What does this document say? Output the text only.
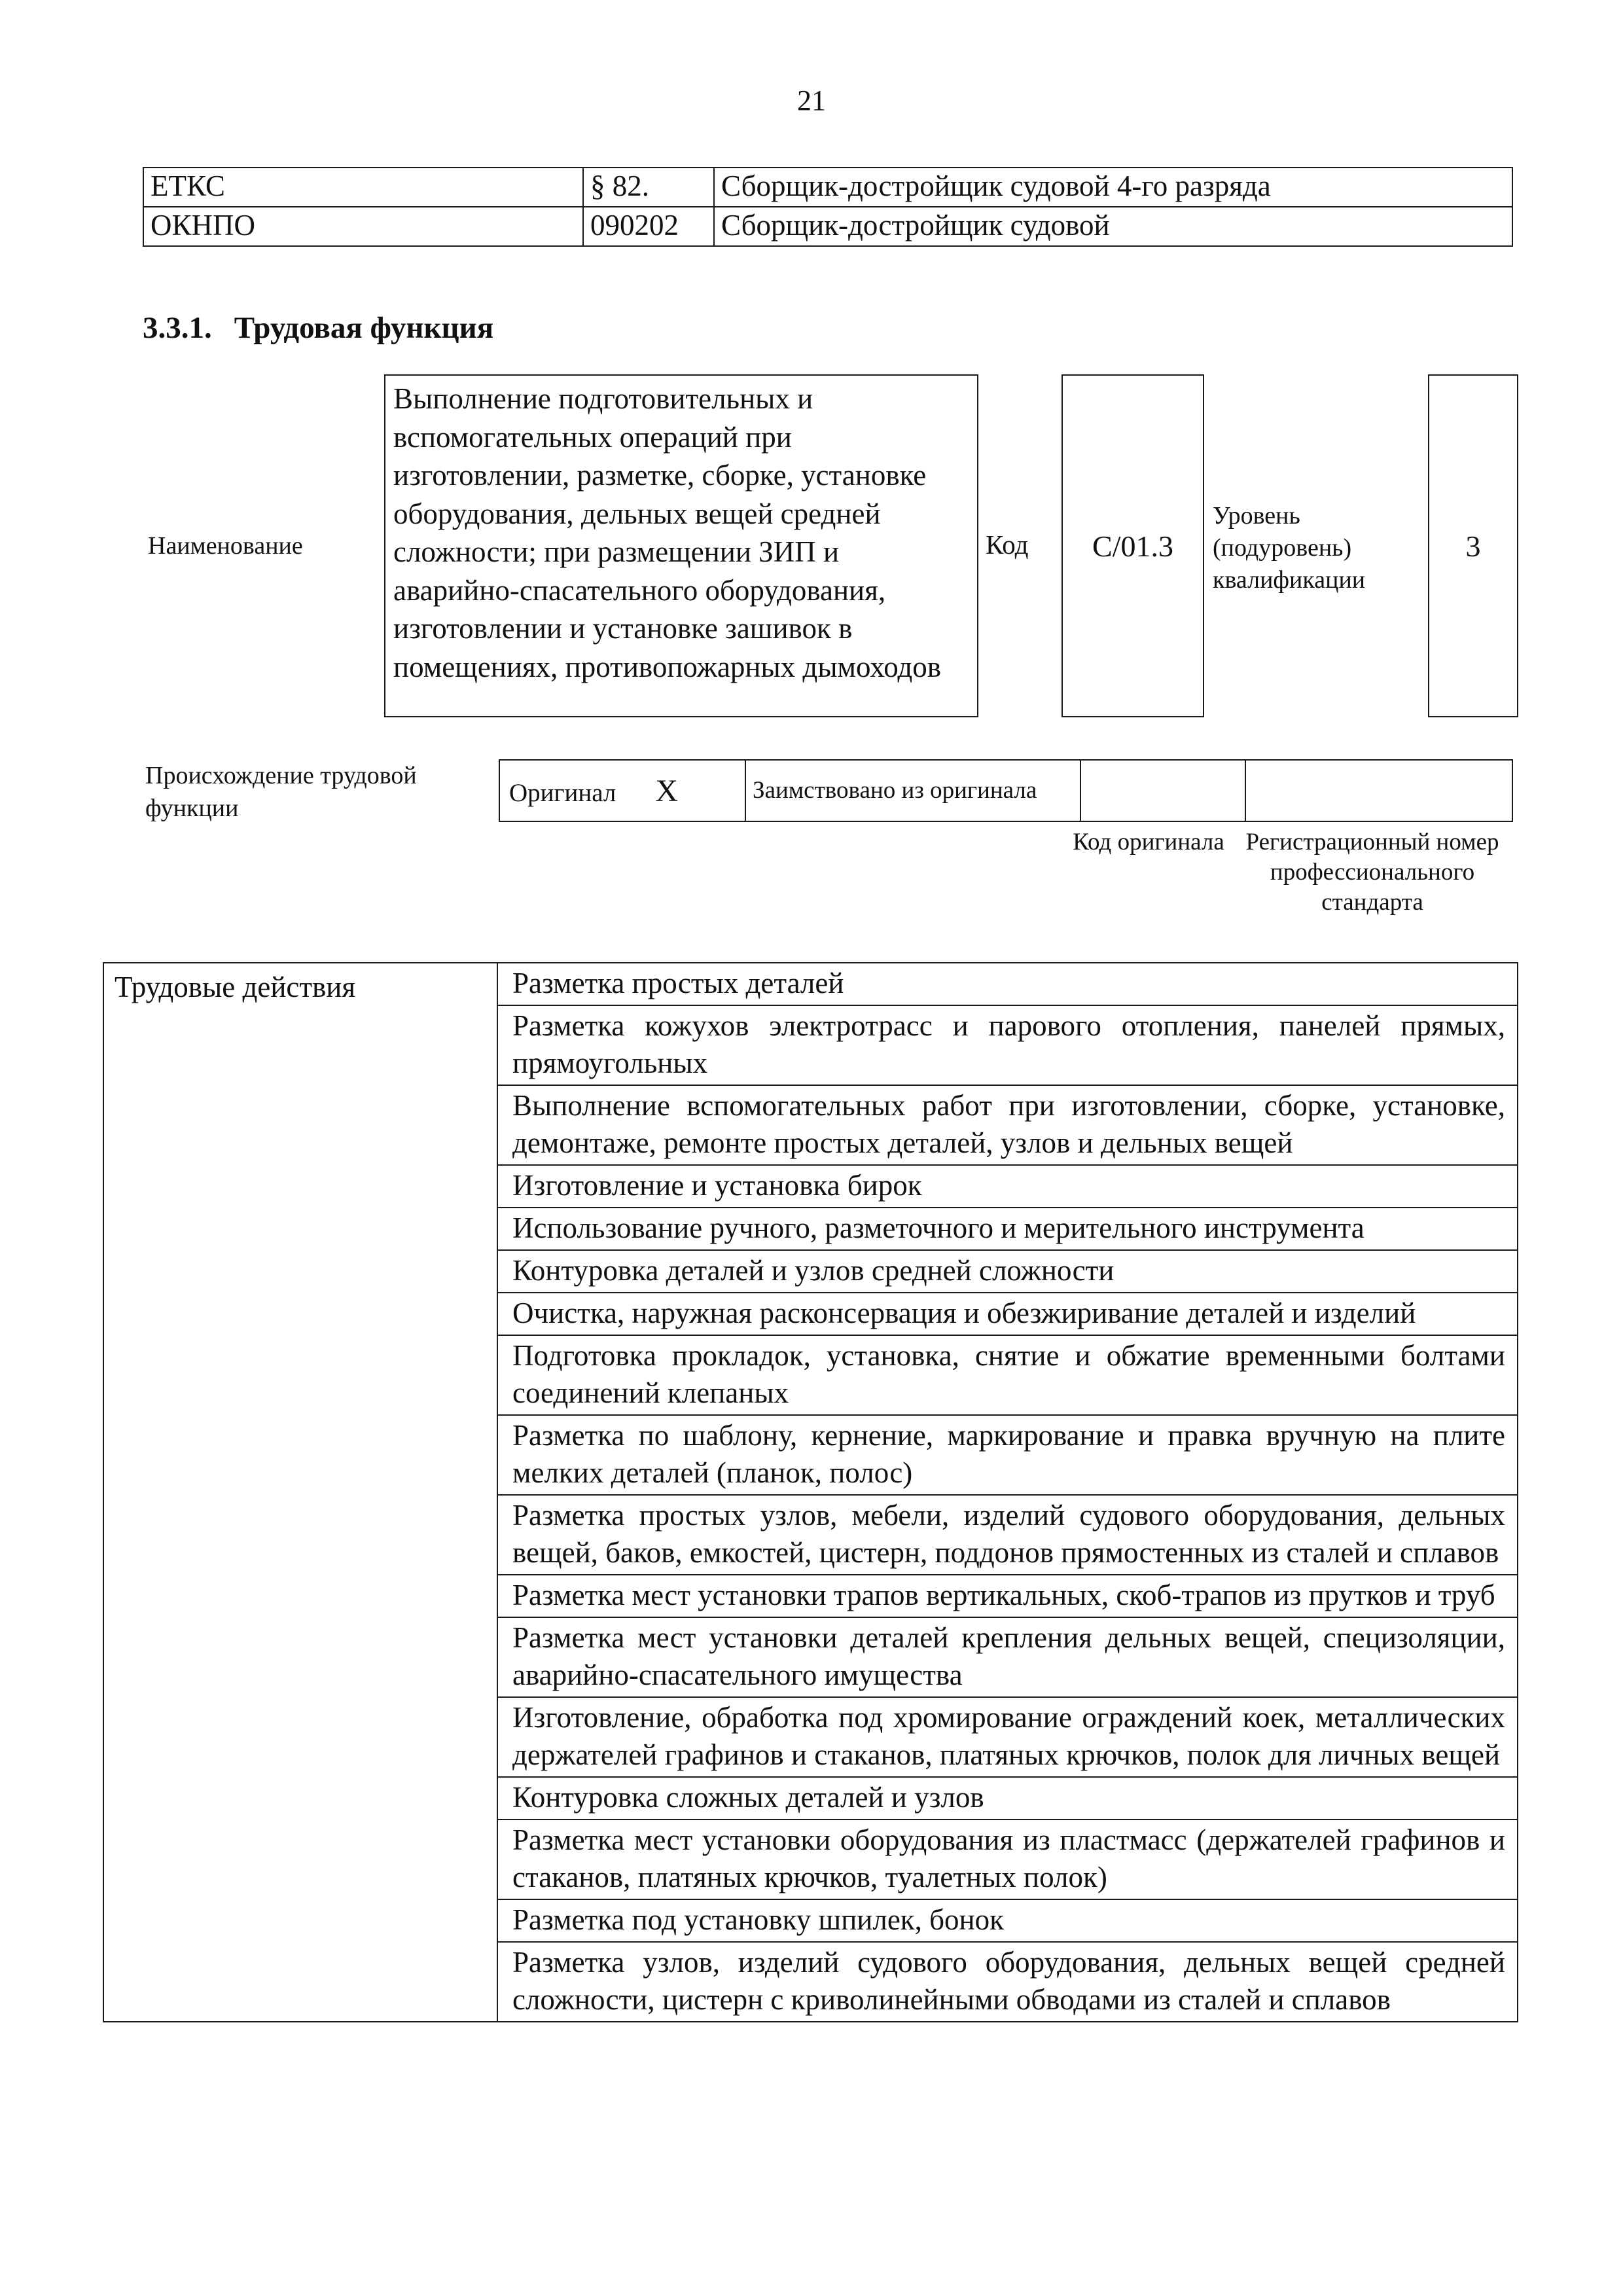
21
ЕТКС	§ 82.	Сборщик-достройщик судовой 4-го разряда
ОКНПО	090202	Сборщик-достройщик судовой
3.3.1. Трудовая функция
Наименование
Выполнение подготовительных и вспомогательных операций при изготовлении, разметке, сборке, установке оборудования, дельных вещей средней сложности; при размещении ЗИП и аварийно-спасательного оборудования, изготовлении и установке зашивок в помещениях, противопожарных дымоходов
Код	С/01.3
Уровень (подуровень) квалификации
3
Происхождение трудовой функции
Оригинал X	Заимствовано из оригинала		
Код оригинала Регистрационный номер профессионального стандарта
Трудовые действия	Разметка простых деталей
Разметка кожухов электротрасс и парового отопления, панелей прямых, прямоугольных
Выполнение вспомогательных работ при изготовлении, сборке, установке, демонтаже, ремонте простых деталей, узлов и дельных вещей
Изготовление и установка бирок
Использование ручного, разметочного и мерительного инструмента
Контуровка деталей и узлов средней сложности
Очистка, наружная расконсервация и обезжиривание деталей и изделий
Подготовка прокладок, установка, снятие и обжатие временными болтами соединений клепаных
Разметка по шаблону, кернение, маркирование и правка вручную на плите мелких деталей (планок, полос)
Разметка простых узлов, мебели, изделий судового оборудования, дельных вещей, баков, емкостей, цистерн, поддонов прямостенных из сталей и сплавов
Разметка мест установки трапов вертикальных, скоб-трапов из прутков и труб
Разметка мест установки деталей крепления дельных вещей, специзоляции, аварийно-спасательного имущества
Изготовление, обработка под хромирование ограждений коек, металлических держателей графинов и стаканов, платяных крючков, полок для личных вещей
Контуровка сложных деталей и узлов
Разметка мест установки оборудования из пластмасс (держателей графинов и стаканов, платяных крючков, туалетных полок)
Разметка под установку шпилек, бонок
Разметка узлов, изделий судового оборудования, дельных вещей средней сложности, цистерн с криволинейными обводами из сталей и сплавов
